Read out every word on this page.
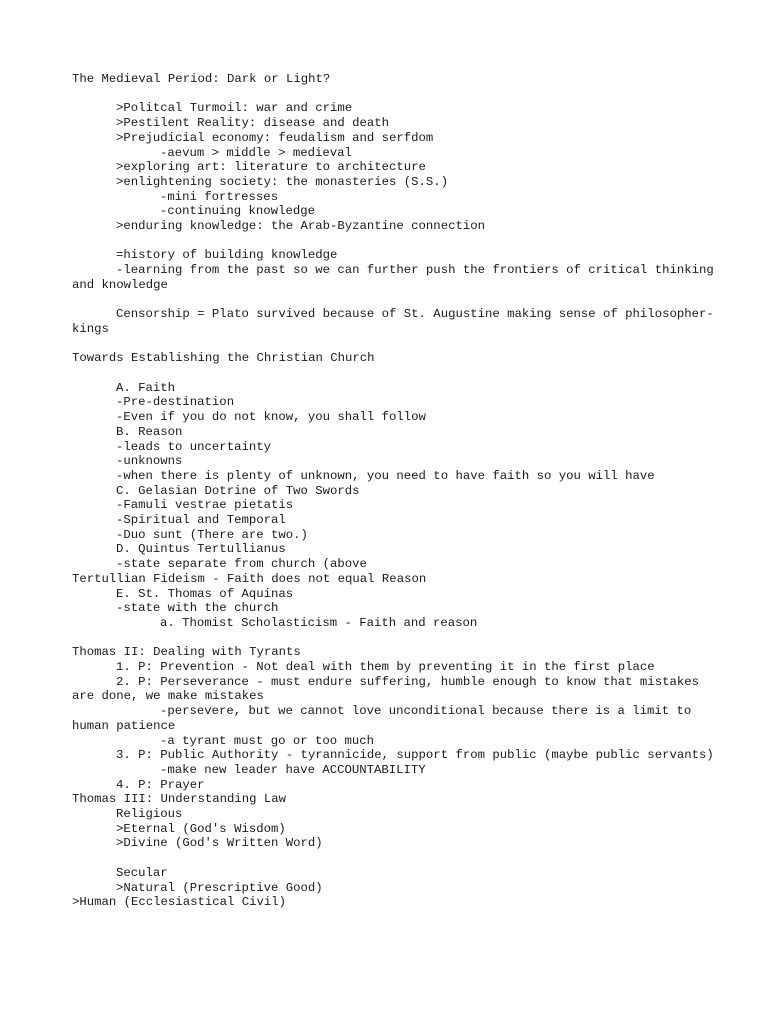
The Medieval Period: Dark or Light?
>Politcal Turmoil: war and crime
>Pestilent Reality: disease and death
>Prejudicial economy: feudalism and serfdom
-aevum > middle > medieval
>exploring art: literature to architecture
>enlightening society: the monasteries (S.S.)
-mini fortresses
-continuing knowledge
>enduring knowledge: the Arab-Byzantine connection
=history of building knowledge
-learning from the past so we can further push the frontiers of critical thinking and knowledge
Censorship = Plato survived because of St. Augustine making sense of philosopher-kings
Towards Establishing the Christian Church
A. Faith
-Pre-destination
-Even if you do not know, you shall follow
B. Reason
-leads to uncertainty
-unknowns
-when there is plenty of unknown, you need to have faith so you will have
C. Gelasian Dotrine of Two Swords
-Famuli vestrae pietatis
-Spiritual and Temporal
-Duo sunt (There are two.)
D. Quintus Tertullianus
-state separate from church (above
Tertullian Fideism - Faith does not equal Reason
E. St. Thomas of Aquinas
-state with the church
a. Thomist Scholasticism - Faith and reason
Thomas II: Dealing with Tyrants
1. P: Prevention - Not deal with them by preventing it in the first place
2. P: Perseverance - must endure suffering, humble enough to know that mistakes are done, we make mistakes
-persevere, but we cannot love unconditional because there is a limit to human patience
-a tyrant must go or too much
3. P: Public Authority - tyrannicide, support from public (maybe public servants)
-make new leader have ACCOUNTABILITY
4. P: Prayer
Thomas III: Understanding Law
Religious
>Eternal (God's Wisdom)
>Divine (God's Written Word)
Secular
>Natural (Prescriptive Good)
>Human (Ecclesiastical Civil)
